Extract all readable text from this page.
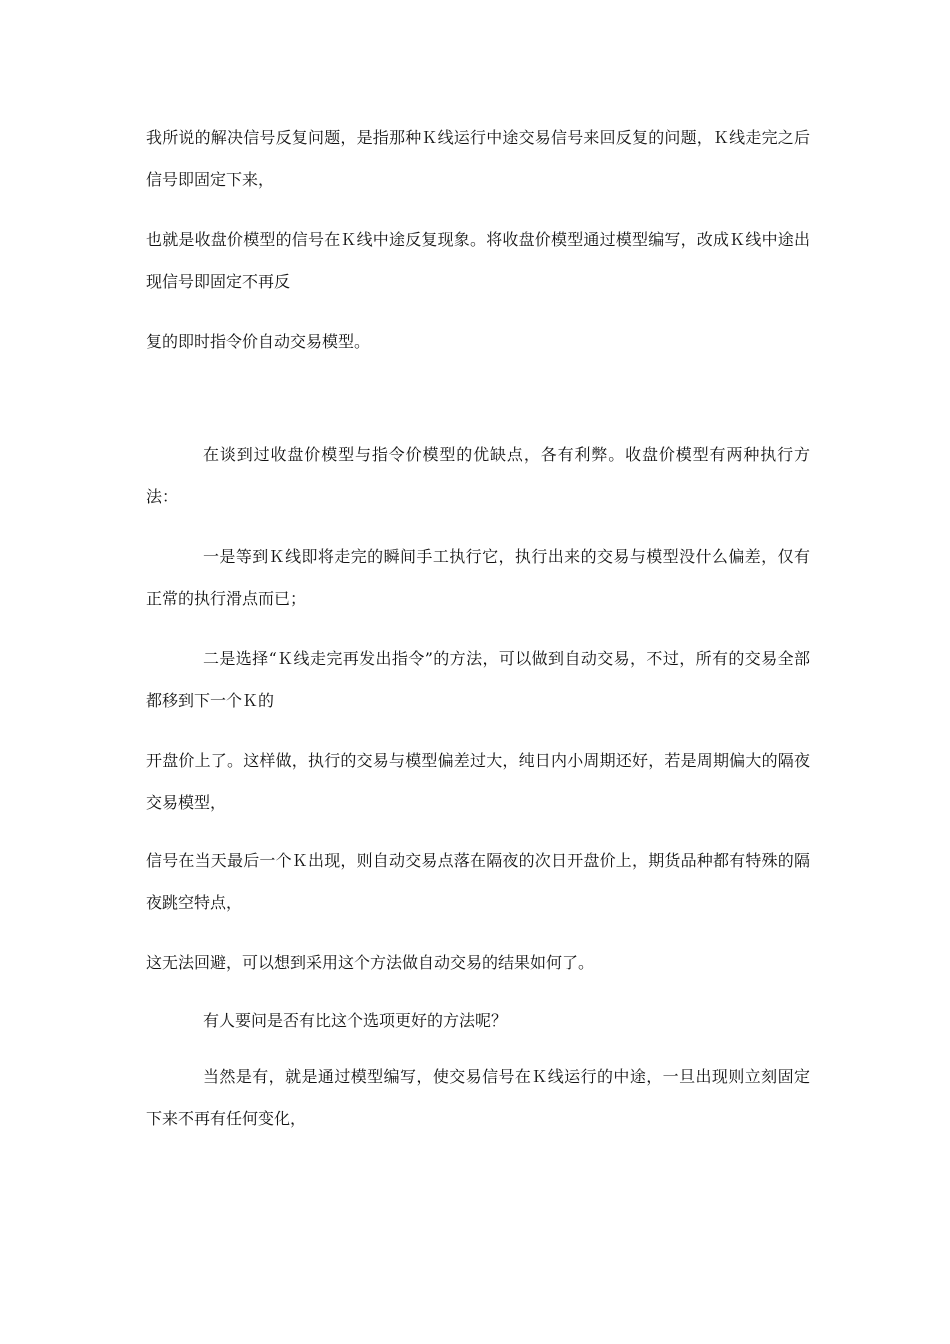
我所说的解决信号反复问题，是指那种Ｋ线运行中途交易信号来回反复的问题，Ｋ线走完之后信号即固定下来，

也就是收盘价模型的信号在Ｋ线中途反复现象。将收盘价模型通过模型编写，改成Ｋ线中途出现信号即固定不再反

复的即时指令价自动交易模型。

在谈到过收盘价模型与指令价模型的优缺点，各有利弊。收盘价模型有两种执行方法：

一是等到Ｋ线即将走完的瞬间手工执行它，执行出来的交易与模型没什么偏差，仅有正常的执行滑点而已；

二是选择“Ｋ线走完再发出指令”的方法，可以做到自动交易，不过，所有的交易全部都移到下一个Ｋ的

开盘价上了。这样做，执行的交易与模型偏差过大，纯日内小周期还好，若是周期偏大的隔夜交易模型，

信号在当天最后一个Ｋ出现，则自动交易点落在隔夜的次日开盘价上，期货品种都有特殊的隔夜跳空特点，

这无法回避，可以想到采用这个方法做自动交易的结果如何了。

有人要问是否有比这个选项更好的方法呢？

当然是有，就是通过模型编写，使交易信号在Ｋ线运行的中途，一旦出现则立刻固定下来不再有任何变化，
